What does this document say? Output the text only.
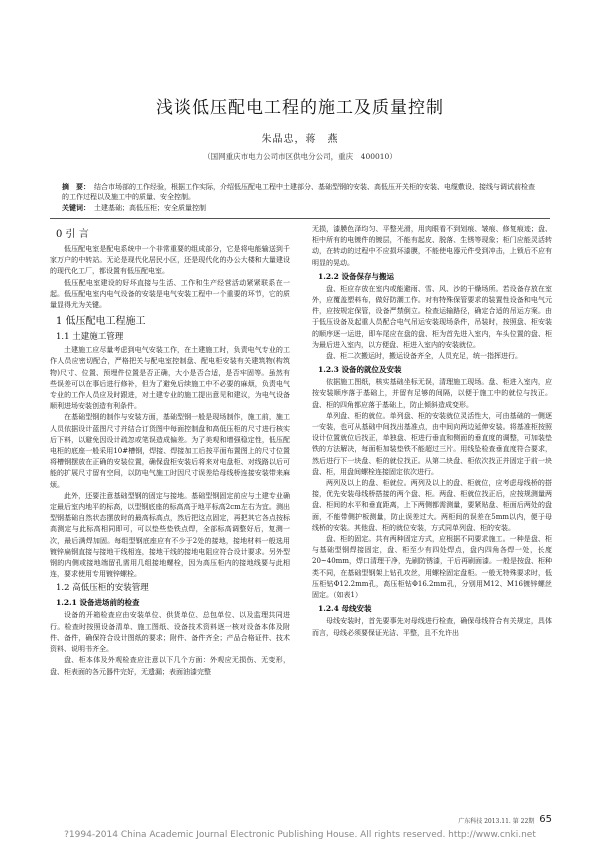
浅谈低压配电工程的施工及质量控制
朱晶忠，蒋　燕
（国网重庆市电力公司市区供电分公司，重庆　400010）
摘　要： 结合市场部的工作经验，根据工作实际，介绍低压配电工程中土建部分、基础型钢的安装、高低压开关柜的安装、电缆敷设、接线与调试前检查的工作过程以及施工中的质量、安全控制。
关键词： 土建基础；高低压柜；安全质量控制
0 引 言

低压配电室是配电系统中一个非常重要的组成部分，它是将电能输送到千家万户的中转站。无论是现代化居民小区，还是现代化的办公大楼和大量建设的现代化工厂，都设置有低压配电室。

低压配电室建设的好坏直接与生活、工作和生产经营活动紧紧联系在一起。低压配电室内电气设备的安装是电气安装工程中一个重要的环节，它的质量显得尤为关键。

1 低压配电工程施工
1.1 土建施工管理

土建施工应尽量考虑到电气安装工作，在土建施工时，负责电气专业的工作人员应密切配合，严格把关与配电室控制盘、配电柜安装有关建筑物(构筑物)尺寸、位置、预埋件位置是否正确，大小是否合适，是否牢固等。虽然有些误差可以在事后进行修补，但为了避免后续施工中不必要的麻烦，负责电气专业的工作人员应及时跟进，对土建专业的施工提出意见和建议，为电气设备顺利进场安装创造有利条件。

在基础型钢的制作与安装方面，基础型钢一般是现场制作，施工前，施工人员依据设计蓝图尺寸并结合订货图中每面控制盘和高低压柜的尺寸进行核实后下料，以避免因设计疏忽或笔误造成偏差。为了美观和增强稳定性，低压配电柜的底座一般采用10#槽钢，焊接、焊接加工后按平面布置图上的尺寸位置将槽钢摆放在正确的安装位置，确保盘柜安装后将来对电盘柜、对线路以后可能的扩展尺寸留有空间，以防电气施工时因尺寸误差给母线桥连接安装带来麻烦。

此外，还要注意基础型钢的固定与接地。基础型钢固定前应与土建专业确定最后室内地平的标高，以型钢底座的标高高于地平标高2cm左右为宜。测出型钢基础自然状态摆放时的最高标高点，然后把这点固定，再把其它各点按标高测定与此标高相同即可，可以垫些垫铁点焊，全部标高调整好后，复测一次，最后满焊加固。每组型钢底座应有不少于2处的接地，接地材料一般选用镀锌扁钢直接与接地干线相连，接地干线的接地电阻应符合设计要求。另外型钢的内侧或接地端留孔需用几组接地螺栓，因为高压柜内的接地线要与此相连，要求使用专用镀锌螺栓。

1.2 高低压柜的安装管理
1.2.1 设备进场前的检查

设备的开箱检查应由安装单位、供货单位、总包单位、以及监理共同进行。检查时按照设备清单、施工图纸、设备技术资料逐一核对设备本体及附件、备件，确保符合设计图纸的要求；附件、备件齐全；产品合格证件、技术资料、说明书齐全。

盘、柜本体及外观检查应注意以下几个方面：外观应无损伤、无变形，盘、柜表面的各元器件完好，无遗漏；表面油漆完整

无损，漆膜色泽均匀、平整光滑，用肉眼看不到划痕、皱痕、修复痕迹；盘、柜中所有的电镀件的镀层，不能有起皮、脱落、生锈等现象；柜门应能灵活转动，在转动的过程中不应损坏漆膜，不能使电器元件受到冲击，上锁后不应有明显的晃动。

1.2.2 设备保存与搬运

盘、柜应存放在室内或能避雨、雪、风、沙的干燥场所。若设备存放在室外，应覆盖塑料布，做好防潮工作。对有特殊保管要求的装置性设备和电气元件，应按规定保管，设备严禁倒立。检查运输路径，确定合适的吊运方案。由于低压设备及起重人员配合电气吊运安装现场条件，吊装时，按照盘、柜安装的顺序逐一运进，即车尾应在盘的盘、柜为首先进入室内，车头位置的盘、柜为最后进入室内，以方便盘、柜进入室内的安装就位。

盘、柜二次搬运时，搬运设备齐全，人员充足，统一指挥进行。

1.2.3 设备的就位及安装

依据施工图纸，核实基础坐标无误，清理施工现场。盘、柜进入室内，应按安装顺序落于基础上，并留有足够的间隔，以便于施工中的就位与找正。盘、柜的四角都应落于基础上，防止倾斜造成变形。

单列盘、柜的就位。单列盘、柜的安装就位灵活性大，可由基础的一侧逐一安装，也可从基础中间找出基准点，由中间向两边延伸安装。将基准柜按照设计位置就位后找正，单独盘、柜进行垂直和侧面的垂直度的调整，可加装垫铁的方法解决，每面柜加装垫铁不能超过三片。用线坠检查垂直度符合要求，然后进行下一块盘、柜的就位找正。从第二块盘、柜依次找正并固定于前一块盘、柜，用盘间螺栓连接固定依次进行。

两列及以上的盘、柜就位。两列及以上的盘、柜就位，应考虑母线桥的搭接，优先安装母线桥搭接的两个盘、柜。两盘、柜就位找正后，应按规测量两盘、柜间的水平和垂直距离，上下两侧都需测量，要紧贴盘、柜面后两处的盘面，不能带侧护板测量，防止误差过大。两柜间的误差在5mm以内，便于母线桥的安装。其他盘、柜的就位安装，方式同单列盘、柜的安装。

盘、柜的固定。共有两种固定方式，应根据不同要求施工。一种是盘、柜与基础型钢焊接固定，盘、柜至少有四处焊点，盘内四角各焊一处，长度20~40mm，焊口清理干净，先刷防锈漆，干后再刷面漆。一般是按盘、柜种类不同，在基础型钢架上钻孔攻丝，用螺栓固定盘柜。一般无特殊要求时，低压柜钻Φ12.2mm孔，高压柜钻Φ16.2mm孔，分别用M12、M16镀锌螺丝固定。（如表1）

1.2.4 母线安装

母线安装时，首先要事先对母线进行检查，确保母线符合有关规定，具体而言，母线必须要保证光洁、平整，且不允许出

广东科技 2013.11. 第 22期 65
?1994-2014 China Academic Journal Electronic Publishing House. All rights reserved. http://www.cnki.net
